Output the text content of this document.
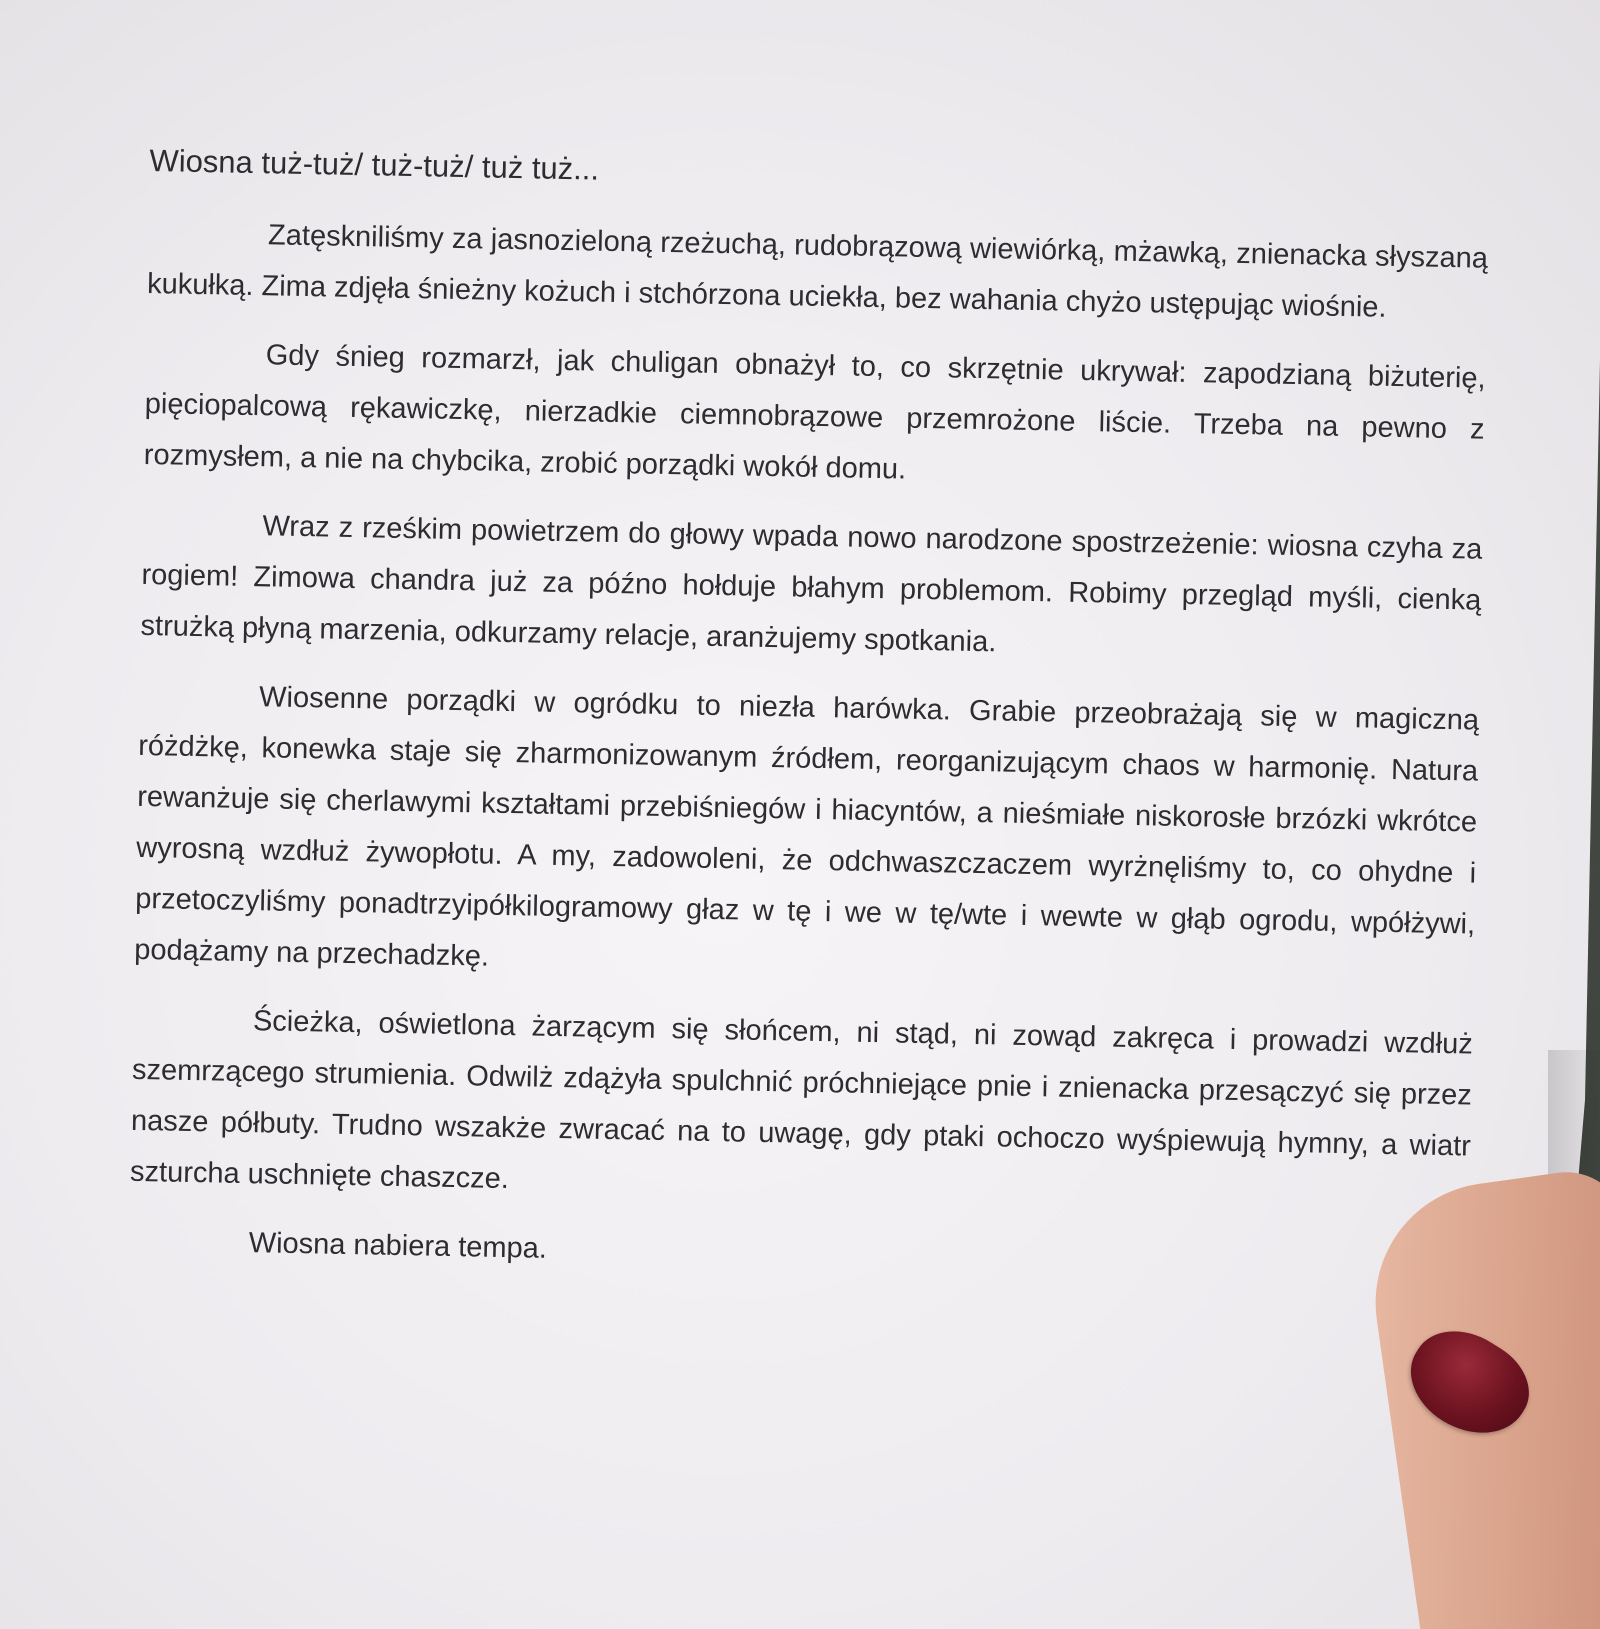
Wiosna tuż-tuż/ tuż-tuż/ tuż tuż...

Zatęskniliśmy za jasnozieloną rzeżuchą, rudobrązową wiewiórką, mżawką, znienacka słyszaną kukułką. Zima zdjęła śnieżny kożuch i stchórzona uciekła, bez wahania chyżo ustępując wiośnie.

Gdy śnieg rozmarzł, jak chuligan obnażył to, co skrzętnie ukrywał: zapodzianą biżuterię, pięciopalcową rękawiczkę, nierzadkie ciemnobrązowe przemrożone liście. Trzeba na pewno z rozmysłem, a nie na chybcika, zrobić porządki wokół domu.

Wraz z rześkim powietrzem do głowy wpada nowo narodzone spostrzeżenie: wiosna czyha za rogiem! Zimowa chandra już za późno hołduje błahym problemom. Robimy przegląd myśli, cienką strużką płyną marzenia, odkurzamy relacje, aranżujemy spotkania.

Wiosenne porządki w ogródku to niezła harówka. Grabie przeobrażają się w magiczną różdżkę, konewka staje się zharmonizowanym źródłem, reorganizującym chaos w harmonię. Natura rewanżuje się cherlawymi kształtami przebiśniegów i hiacyntów, a nieśmiałe niskorosłe brzózki wkrótce wyrosną wzdłuż żywopłotu. A my, zadowoleni, że odchwaszczaczem wyrżnęliśmy to, co ohydne i przetoczyliśmy ponadtrzyipółkilogramowy głaz w tę i we w tę/wte i wewte w głąb ogrodu, wpółżywi, podążamy na przechadzkę.

Ścieżka, oświetlona żarzącym się słońcem, ni stąd, ni zowąd zakręca i prowadzi wzdłuż szemrzącego strumienia. Odwilż zdążyła spulchnić próchniejące pnie i znienacka przesączyć się przez nasze półbuty. Trudno wszakże zwracać na to uwagę, gdy ptaki ochoczo wyśpiewują hymny, a wiatr szturcha uschnięte chaszcze.

Wiosna nabiera tempa.
